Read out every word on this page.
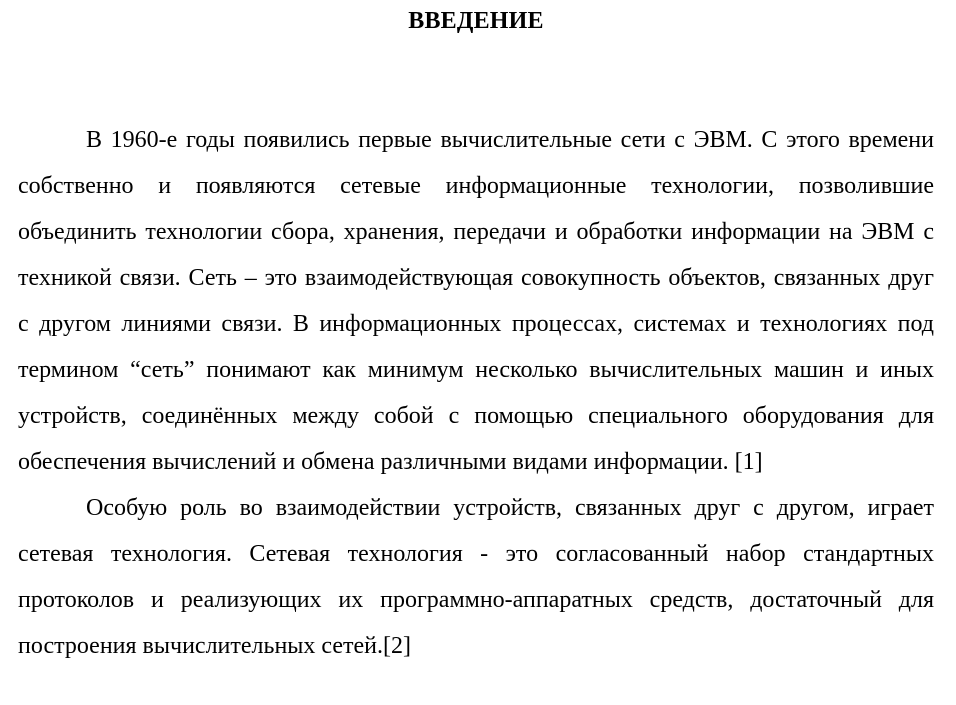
ВВЕДЕНИЕ

В 1960-е годы появились первые вычислительные сети с ЭВМ. С этого времени собственно и появляются сетевые информационные технологии, позволившие объединить технологии сбора, хранения, передачи и обработки информации на ЭВМ с техникой связи. Сеть – это взаимодействующая совокупность объектов, связанных друг с другом линиями связи. В информационных процессах, системах и технологиях под термином “сеть” понимают как минимум несколько вычислительных машин и иных устройств, соединённых между собой с помощью специального оборудования для обеспечения вычислений и обмена различными видами информации. [1]

Особую роль во взаимодействии устройств, связанных друг с другом, играет сетевая технология. Сетевая технология - это согласованный набор стандартных протоколов и реализующих их программно-аппаратных средств, достаточный для построения вычислительных сетей.[2]
